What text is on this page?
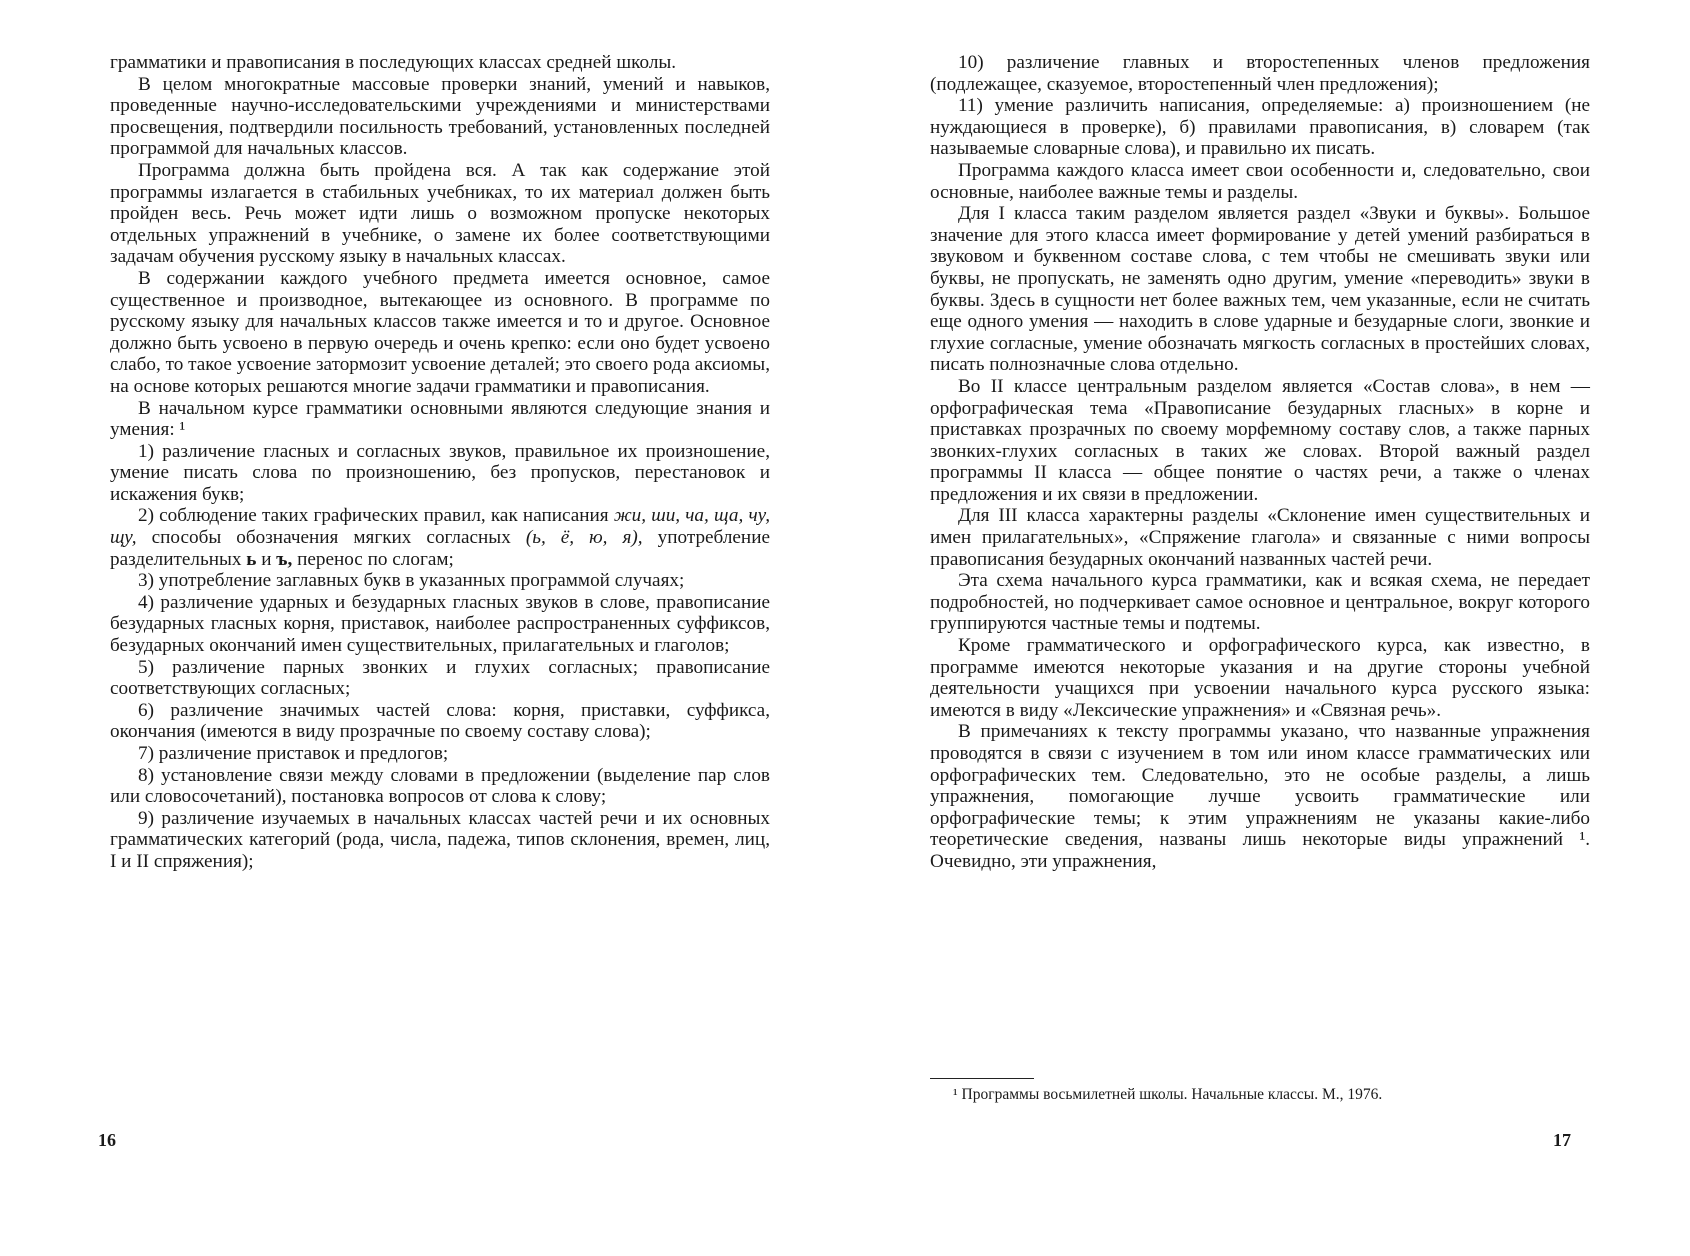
грамматики и правописания в последующих классах средней школы.

В целом многократные массовые проверки знаний, умений и навыков, проведенные научно-исследовательскими учреждениями и министерствами просвещения, подтвердили посильность требований, установленных последней программой для начальных классов.

Программа должна быть пройдена вся. А так как содержание этой программы излагается в стабильных учебниках, то их материал должен быть пройден весь. Речь может идти лишь о возможном пропуске некоторых отдельных упражнений в учебнике, о замене их более соответствующими задачам обучения русскому языку в начальных классах.

В содержании каждого учебного предмета имеется основное, самое существенное и производное, вытекающее из основного. В программе по русскому языку для начальных классов также имеется и то и другое. Основное должно быть усвоено в первую очередь и очень крепко: если оно будет усвоено слабо, то такое усвоение затормозит усвоение деталей; это своего рода аксиомы, на основе которых решаются многие задачи грамматики и правописания.

В начальном курсе грамматики основными являются следующие знания и умения: ¹

1) различение гласных и согласных звуков, правильное их произношение, умение писать слова по произношению, без пропусков, перестановок и искажения букв;

2) соблюдение таких графических правил, как написания жи, ши, ча, ща, чу, щу, способы обозначения мягких согласных (ь, ё, ю, я), употребление разделительных ь и ъ, перенос по слогам;

3) употребление заглавных букв в указанных программой случаях;

4) различение ударных и безударных гласных звуков в слове, правописание безударных гласных корня, приставок, наиболее распространенных суффиксов, безударных окончаний имен существительных, прилагательных и глаголов;

5) различение парных звонких и глухих согласных; правописание соответствующих согласных;

6) различение значимых частей слова: корня, приставки, суффикса, окончания (имеются в виду прозрачные по своему составу слова);

7) различение приставок и предлогов;

8) установление связи между словами в предложении (выделение пар слов или словосочетаний), постановка вопросов от слова к слову;

9) различение изучаемых в начальных классах частей речи и их основных грамматических категорий (рода, числа, падежа, типов склонения, времен, лиц, I и II спряжения);

10) различение главных и второстепенных членов предложения (подлежащее, сказуемое, второстепенный член предложения);

11) умение различить написания, определяемые: а) произношением (не нуждающиеся в проверке), б) правилами правописания, в) словарем (так называемые словарные слова), и правильно их писать.

Программа каждого класса имеет свои особенности и, следовательно, свои основные, наиболее важные темы и разделы.

Для I класса таким разделом является раздел «Звуки и буквы». Большое значение для этого класса имеет формирование у детей умений разбираться в звуковом и буквенном составе слова, с тем чтобы не смешивать звуки или буквы, не пропускать, не заменять одно другим, умение «переводить» звуки в буквы. Здесь в сущности нет более важных тем, чем указанные, если не считать еще одного умения — находить в слове ударные и безударные слоги, звонкие и глухие согласные, умение обозначать мягкость согласных в простейших словах, писать полнозначные слова отдельно.

Во II классе центральным разделом является «Состав слова», в нем — орфографическая тема «Правописание безударных гласных» в корне и приставках прозрачных по своему морфемному составу слов, а также парных звонких-глухих согласных в таких же словах. Второй важный раздел программы II класса — общее понятие о частях речи, а также о членах предложения и их связи в предложении.

Для III класса характерны разделы «Склонение имен существительных и имен прилагательных», «Спряжение глагола» и связанные с ними вопросы правописания безударных окончаний названных частей речи.

Эта схема начального курса грамматики, как и всякая схема, не передает подробностей, но подчеркивает самое основное и центральное, вокруг которого группируются частные темы и подтемы.

Кроме грамматического и орфографического курса, как известно, в программе имеются некоторые указания и на другие стороны учебной деятельности учащихся при усвоении начального курса русского языка: имеются в виду «Лексические упражнения» и «Связная речь».

В примечаниях к тексту программы указано, что названные упражнения проводятся в связи с изучением в том или ином классе грамматических или орфографических тем. Следовательно, это не особые разделы, а лишь упражнения, помогающие лучше усвоить грамматические или орфографические темы; к этим упражнениям не указаны какие-либо теоретические сведения, названы лишь некоторые виды упражнений ¹. Очевидно, эти упражнения,

¹ Программы восьмилетней школы. Начальные классы. М., 1976.
16	17
